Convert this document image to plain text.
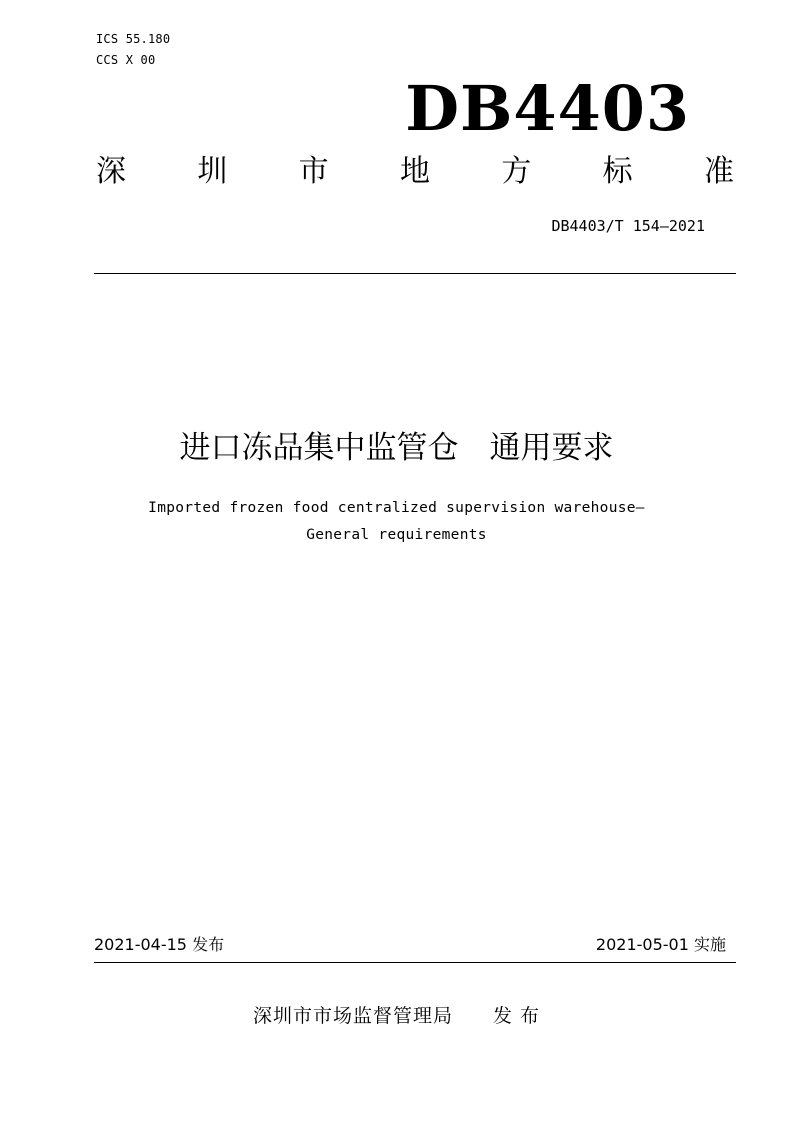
ICS 55.180

CCS X 00

DB4403
深 圳 市 地 方 标 准
DB4403/T 154—2021
进口冻品集中监管仓　通用要求
Imported frozen food centralized supervision warehouse—
General requirements
2021-04-15 发布	2021-05-01 实施
深圳市市场监督管理局　　发 布
